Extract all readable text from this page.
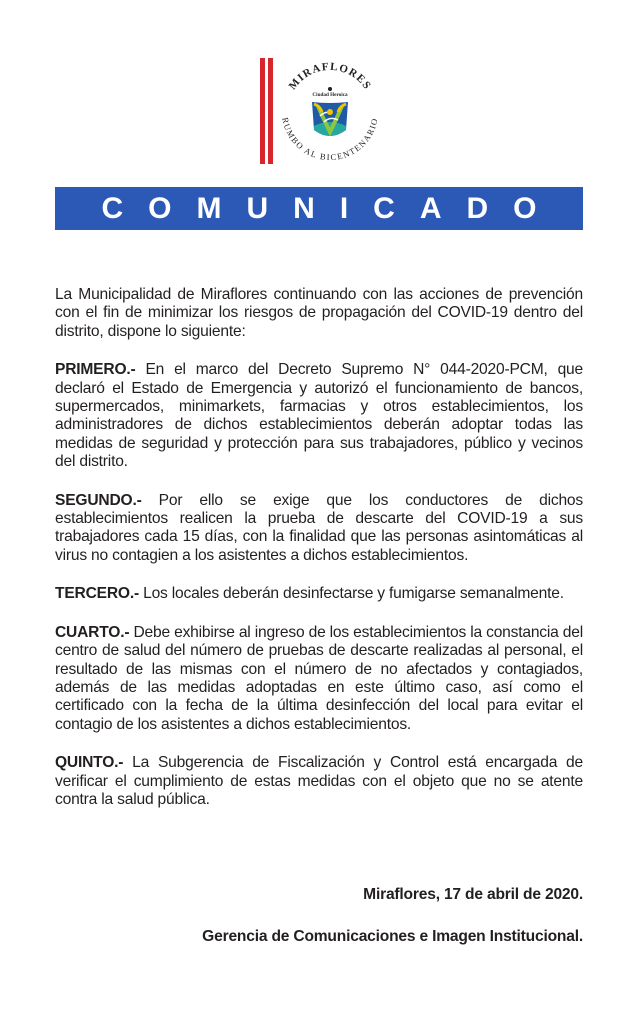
MIRAFLORES
RUMBO AL BICENTENARIO
Ciudad Heroica
COMUNICADO

La Municipalidad de Miraflores continuando con las acciones de prevención con el fin de minimizar los riesgos de propagación del COVID-19 dentro del distrito, dispone lo siguiente:

PRIMERO.- En el marco del Decreto Supremo N° 044-2020-PCM, que declaró el Estado de Emergencia y autorizó el funcionamiento de bancos, supermercados, minimarkets, farmacias y otros establecimientos, los administradores de dichos establecimientos deberán adoptar todas las medidas de seguridad y protección para sus trabajadores, público y vecinos del distrito.

SEGUNDO.- Por ello se exige que los conductores de dichos establecimientos realicen la prueba de descarte del COVID-19 a sus trabajadores cada 15 días, con la finalidad que las personas asintomáticas al virus no contagien a los asistentes a dichos establecimientos.

TERCERO.- Los locales deberán desinfectarse y fumigarse semanalmente.

CUARTO.- Debe exhibirse al ingreso de los establecimientos la constancia del centro de salud del número de pruebas de descarte realizadas al personal, el resultado de las mismas con el número de no afectados y contagiados, además de las medidas adoptadas en este último caso, así como el certificado con la fecha de la última desinfección del local para evitar el contagio de los asistentes a dichos establecimientos.

QUINTO.- La Subgerencia de Fiscalización y Control está encargada de verificar el cumplimiento de estas medidas con el objeto que no se atente contra la salud pública.

Miraflores, 17 de abril de 2020.
Gerencia de Comunicaciones e Imagen Institucional.
